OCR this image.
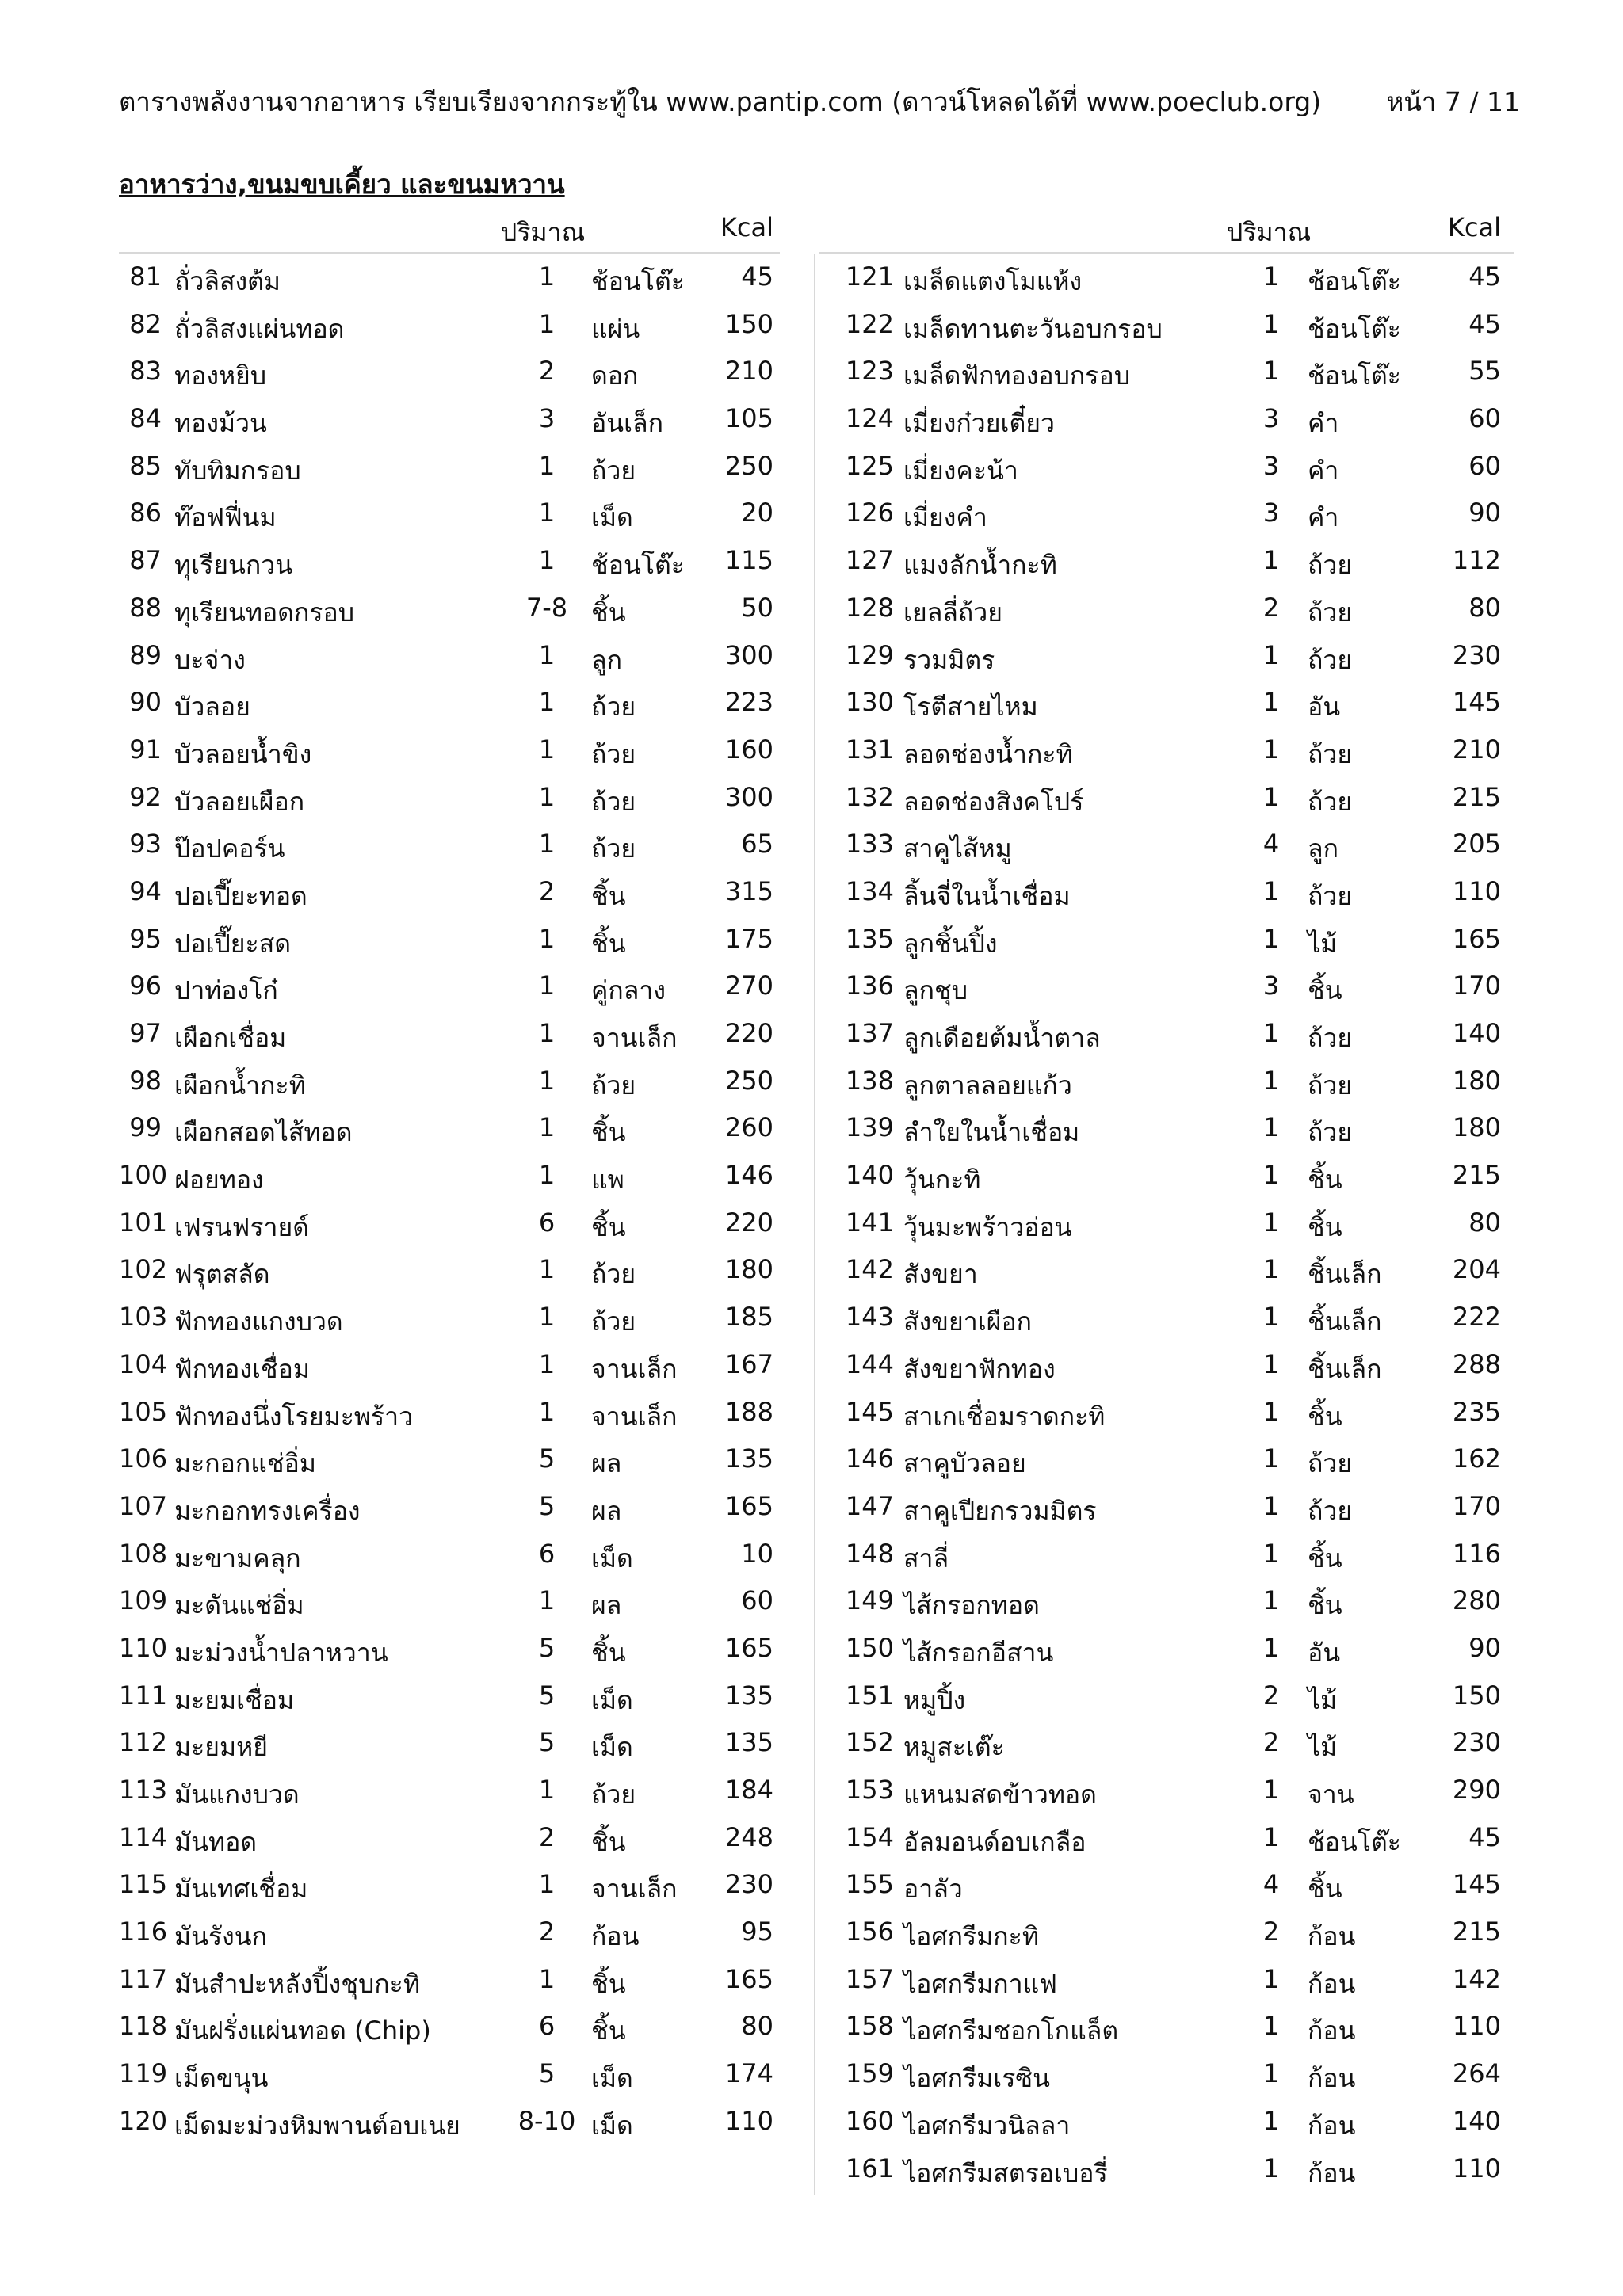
ตารางพลังงานจากอาหาร เรียบเรียงจากกระทู้ใน www.pantip.com (ดาวน์โหลดได้ที่ www.poeclub.org) หน้า 7 / 11
อาหารว่าง,ขนมขบเคี้ยว และขนมหวาน
ปริมาณ	Kcal
81 ถั่วลิสงต้ม	1	ช้อนโต๊ะ	45
82 ถั่วลิสงแผ่นทอด	1	แผ่น	150
83 ทองหยิบ	2	ดอก	210
84 ทองม้วน	3	อันเล็ก	105
85 ทับทิมกรอบ	1	ถ้วย	250
86 ท๊อฟฟี่นม	1	เม็ด	20
87 ทุเรียนกวน	1	ช้อนโต๊ะ	115
88 ทุเรียนทอดกรอบ	7-8 ชิ้น	50
89 บะจ่าง	1	ลูก	300
90 บัวลอย	1	ถ้วย	223
91 บัวลอยน้ำขิง	1	ถ้วย	160
92 บัวลอยเผือก	1	ถ้วย	300
93 ป๊อปคอร์น	1	ถ้วย	65
94 ปอเปี๊ยะทอด	2	ชิ้น	315
95 ปอเปี๊ยะสด	1	ชิ้น	175
96 ปาท่องโก๋	1	คู่กลาง	270
97 เผือกเชื่อม	1	จานเล็ก	220
98 เผือกน้ำกะทิ	1	ถ้วย	250
99 เผือกสอดไส้ทอด	1	ชิ้น	260
100 ฝอยทอง	1	แพ	146
101 เฟรนฟรายด์	6	ชิ้น	220
102 ฟรุตสลัด	1	ถ้วย	180
103 ฟักทองแกงบวด	1	ถ้วย	185
104 ฟักทองเชื่อม	1	จานเล็ก	167
105 ฟักทองนึ่งโรยมะพร้าว	1	จานเล็ก	188
106 มะกอกแช่อิ่ม	5	ผล	135
107 มะกอกทรงเครื่อง	5	ผล	165
108 มะขามคลุก	6	เม็ด	10
109 มะดันแช่อิ่ม	1	ผล	60
110 มะม่วงน้ำปลาหวาน	5	ชิ้น	165
111 มะยมเชื่อม	5	เม็ด	135
112 มะยมหยี	5	เม็ด	135
113 มันแกงบวด	1	ถ้วย	184
114 มันทอด	2	ชิ้น	248
115 มันเทศเชื่อม	1	จานเล็ก	230
116 มันรังนก	2	ก้อน	95
117 มันสำปะหลังปิ้งชุบกะทิ	1	ชิ้น	165
118 มันฝรั่งแผ่นทอด (Chip)	6	ชิ้น	80
119 เม็ดขนุน	5	เม็ด	174
120 เม็ดมะม่วงหิมพานต์อบเนย	8-10 เม็ด	110
ปริมาณ	Kcal
121 เมล็ดแตงโมแห้ง	1	ช้อนโต๊ะ	45
122 เมล็ดทานตะวันอบกรอบ	1	ช้อนโต๊ะ	45
123 เมล็ดฟักทองอบกรอบ	1	ช้อนโต๊ะ	55
124 เมี่ยงก๋วยเตี๋ยว	3	คำ	60
125 เมี่ยงคะน้า	3	คำ	60
126 เมี่ยงคำ	3	คำ	90
127 แมงลักน้ำกะทิ	1	ถ้วย	112
128 เยลลี่ถ้วย	2	ถ้วย	80
129 รวมมิตร	1	ถ้วย	230
130 โรตีสายไหม	1	อัน	145
131 ลอดช่องน้ำกะทิ	1	ถ้วย	210
132 ลอดช่องสิงคโปร์	1	ถ้วย	215
133 สาคูไส้หมู	4	ลูก	205
134 ลิ้นจี่ในน้ำเชื่อม	1	ถ้วย	110
135 ลูกชิ้นปิ้ง	1	ไม้	165
136 ลูกชุบ	3	ชิ้น	170
137 ลูกเดือยต้มน้ำตาล	1	ถ้วย	140
138 ลูกตาลลอยแก้ว	1	ถ้วย	180
139 ลำใยในน้ำเชื่อม	1	ถ้วย	180
140 วุ้นกะทิ	1	ชิ้น	215
141 วุ้นมะพร้าวอ่อน	1	ชิ้น	80
142 สังขยา	1	ชิ้นเล็ก	204
143 สังขยาเผือก	1	ชิ้นเล็ก	222
144 สังขยาฟักทอง	1	ชิ้นเล็ก	288
145 สาเกเชื่อมราดกะทิ	1	ชิ้น	235
146 สาคูบัวลอย	1	ถ้วย	162
147 สาคูเปียกรวมมิตร	1	ถ้วย	170
148 สาลี่	1	ชิ้น	116
149 ไส้กรอกทอด	1	ชิ้น	280
150 ไส้กรอกอีสาน	1	อัน	90
151 หมูปิ้ง	2	ไม้	150
152 หมูสะเต๊ะ	2	ไม้	230
153 แหนมสดข้าวทอด	1	จาน	290
154 อัลมอนด์อบเกลือ	1	ช้อนโต๊ะ	45
155 อาลัว	4	ชิ้น	145
156 ไอศกรีมกะทิ	2	ก้อน	215
157 ไอศกรีมกาแฟ	1	ก้อน	142
158 ไอศกรีมชอกโกแล็ต	1	ก้อน	110
159 ไอศกรีมเรซิน	1	ก้อน	264
160 ไอศกรีมวนิลลา	1	ก้อน	140
161 ไอศกรีมสตรอเบอรี่	1	ก้อน	110
